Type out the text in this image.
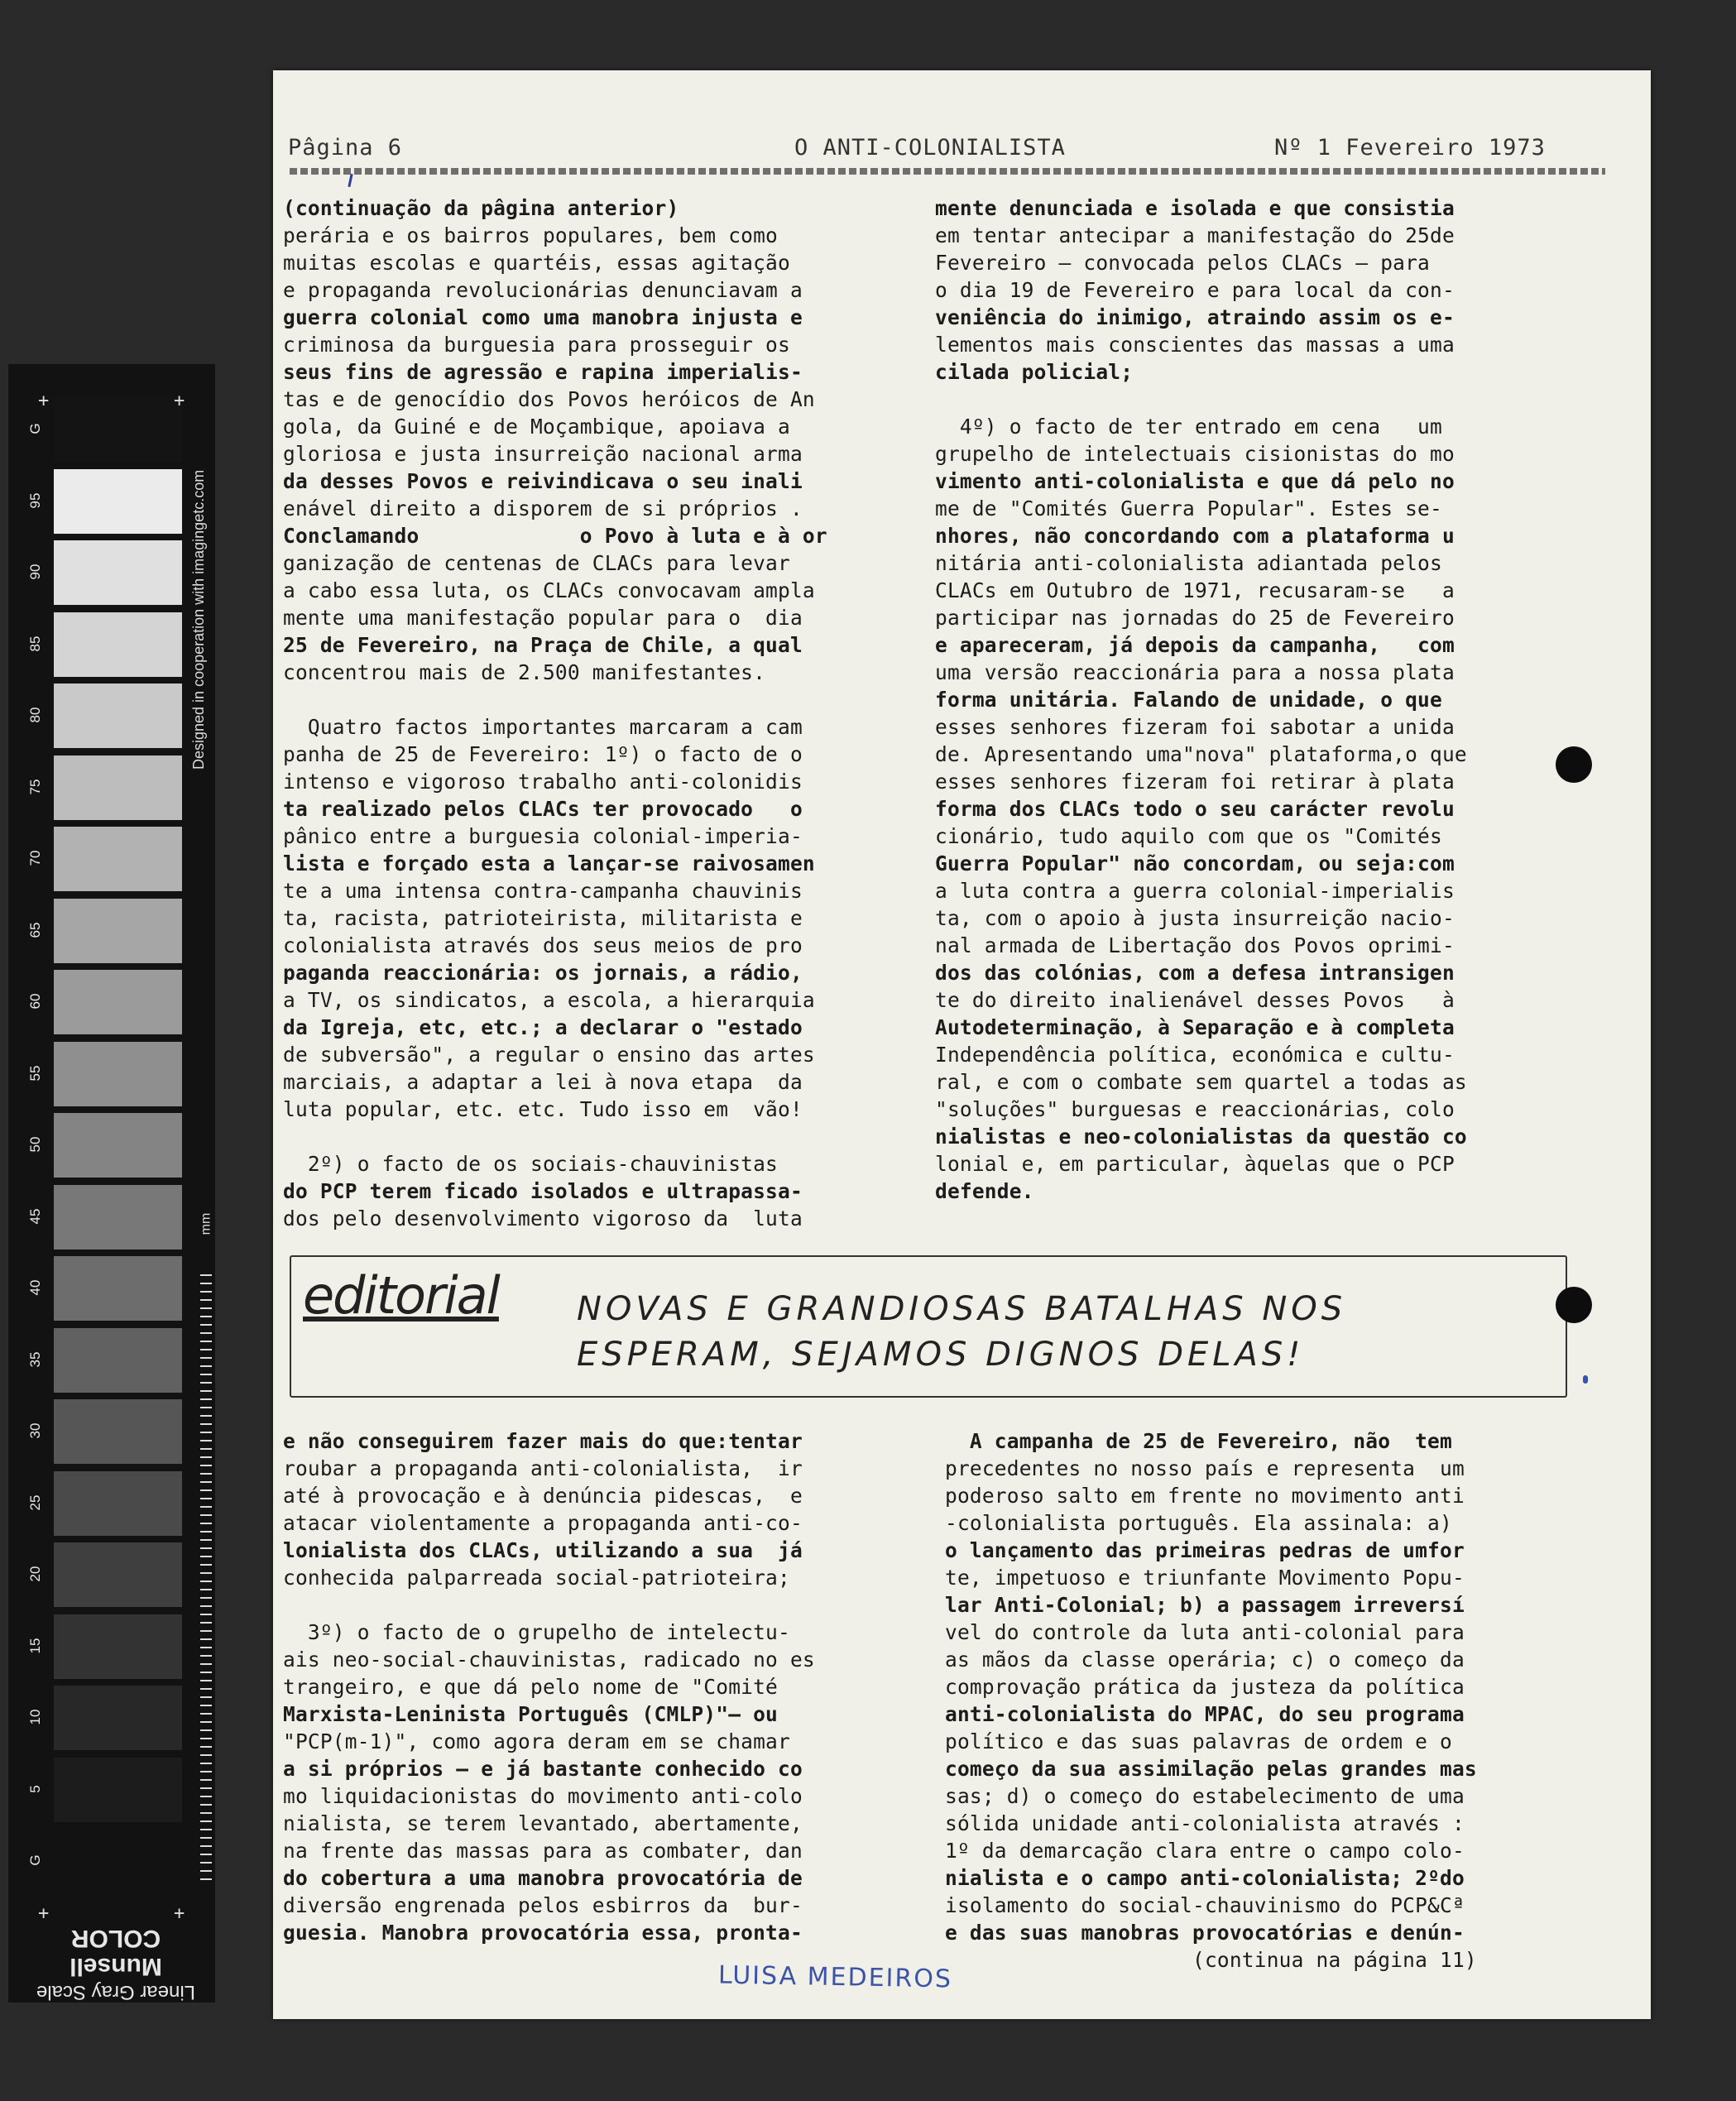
G
95
90
85
80
75
70
65
60
55
50
45
40
35
30
25
20
15
10
5
G
+	+
+	+
Designed in cooperation with imagingetc.com
mm
Linear Gray Scale
Munsell COLOR
Pâgina 6	O ANTI-COLONIALISTA	Nº 1 Fevereiro 1973
(continuação da pâgina anterior)
perária e os bairros populares, bem como
muitas escolas e quartéis, essas agitação
e propaganda revolucionárias denunciavam a
guerra colonial como uma manobra injusta e
criminosa da burguesia para prosseguir os
seus fins de agressão e rapina imperialis-
tas e de genocídio dos Povos heróicos de An
gola, da Guiné e de Moçambique, apoiava a
gloriosa e justa insurreição nacional arma
da desses Povos e reivindicava o seu inali
enável direito a disporem de si próprios .
Conclamando             o Povo à luta e à or
ganização de centenas de CLACs para levar
a cabo essa luta, os CLACs convocavam ampla
mente uma manifestação popular para o  dia
25 de Fevereiro, na Praça de Chile, a qual
concentrou mais de 2.500 manifestantes.

Quatro factos importantes marcaram a cam
panha de 25 de Fevereiro: 1º) o facto de o
intenso e vigoroso trabalho anti-colonidis
ta realizado pelos CLACs ter provocado   o
pânico entre a burguesia colonial-imperia-
lista e forçado esta a lançar-se raivosamen
te a uma intensa contra-campanha chauvinis
ta, racista, patrioteirista, militarista e
colonialista através dos seus meios de pro
paganda reaccionária: os jornais, a rádio,
a TV, os sindicatos, a escola, a hierarquia
da Igreja, etc, etc.; a declarar o "estado
de subversão", a regular o ensino das artes
marciais, a adaptar a lei à nova etapa  da
luta popular, etc. etc. Tudo isso em  vão!

2º) o facto de os sociais-chauvinistas
do PCP terem ficado isolados e ultrapassa-
dos pelo desenvolvimento vigoroso da  luta
mente denunciada e isolada e que consistia
em tentar antecipar a manifestação do 25de
Fevereiro — convocada pelos CLACs — para
o dia 19 de Fevereiro e para local da con-
veniência do inimigo, atraindo assim os e-
lementos mais conscientes das massas a uma
cilada policial;

4º) o facto de ter entrado em cena   um
grupelho de intelectuais cisionistas do mo
vimento anti-colonialista e que dá pelo no
me de "Comités Guerra Popular". Estes se-
nhores, não concordando com a plataforma u
nitária anti-colonialista adiantada pelos
CLACs em Outubro de 1971, recusaram-se   a
participar nas jornadas do 25 de Fevereiro
e apareceram, já depois da campanha,   com
uma versão reaccionária para a nossa plata
forma unitária. Falando de unidade, o que
esses senhores fizeram foi sabotar a unida
de. Apresentando uma"nova" plataforma,o que
esses senhores fizeram foi retirar à plata
forma dos CLACs todo o seu carácter revolu
cionário, tudo aquilo com que os "Comités
Guerra Popular" não concordam, ou seja:com
a luta contra a guerra colonial-imperialis
ta, com o apoio à justa insurreição nacio-
nal armada de Libertação dos Povos oprimi-
dos das colónias, com a defesa intransigen
te do direito inalienável desses Povos   à
Autodeterminação, à Separação e à completa
Independência política, económica e cultu-
ral, e com o combate sem quartel a todas as
"soluções" burguesas e reaccionárias, colo
nialistas e neo-colonialistas da questão co
lonial e, em particular, àquelas que o PCP
defende.
editorial NOVAS E GRANDIOSAS BATALHAS NOS
ESPERAM, SEJAMOS DIGNOS DELAS!
e não conseguirem fazer mais do que:tentar
roubar a propaganda anti-colonialista,  ir
até à provocação e à denúncia pidescas,  e
atacar violentamente a propaganda anti-co-
lonialista dos CLACs, utilizando a sua  já
conhecida palparreada social-patrioteira;

3º) o facto de o grupelho de intelectu-
ais neo-social-chauvinistas, radicado no es
trangeiro, e que dá pelo nome de "Comité
Marxista-Leninista Português (CMLP)"— ou
"PCP(m-1)", como agora deram em se chamar
a si próprios — e já bastante conhecido co
mo liquidacionistas do movimento anti-colo
nialista, se terem levantado, abertamente,
na frente das massas para as combater, dan
do cobertura a uma manobra provocatória de
diversão engrenada pelos esbirros da  bur-
guesia. Manobra provocatória essa, pronta-
A campanha de 25 de Fevereiro, não  tem
precedentes no nosso país e representa  um
poderoso salto em frente no movimento anti
-colonialista português. Ela assinala: a)
o lançamento das primeiras pedras de umfor
te, impetuoso e triunfante Movimento Popu-
lar Anti-Colonial; b) a passagem irreversí
vel do controle da luta anti-colonial para
as mãos da classe operária; c) o começo da
comprovação prática da justeza da política
anti-colonialista do MPAC, do seu programa
político e das suas palavras de ordem e o
começo da sua assimilação pelas grandes mas
sas; d) o começo do estabelecimento de uma
sólida unidade anti-colonialista através :
1º da demarcação clara entre o campo colo-
nialista e o campo anti-colonialista; 2ºdo
isolamento do social-chauvinismo do PCP&Cª
e das suas manobras provocatórias e denún-
(continua na página 11)
LUISA MEDEIROS
